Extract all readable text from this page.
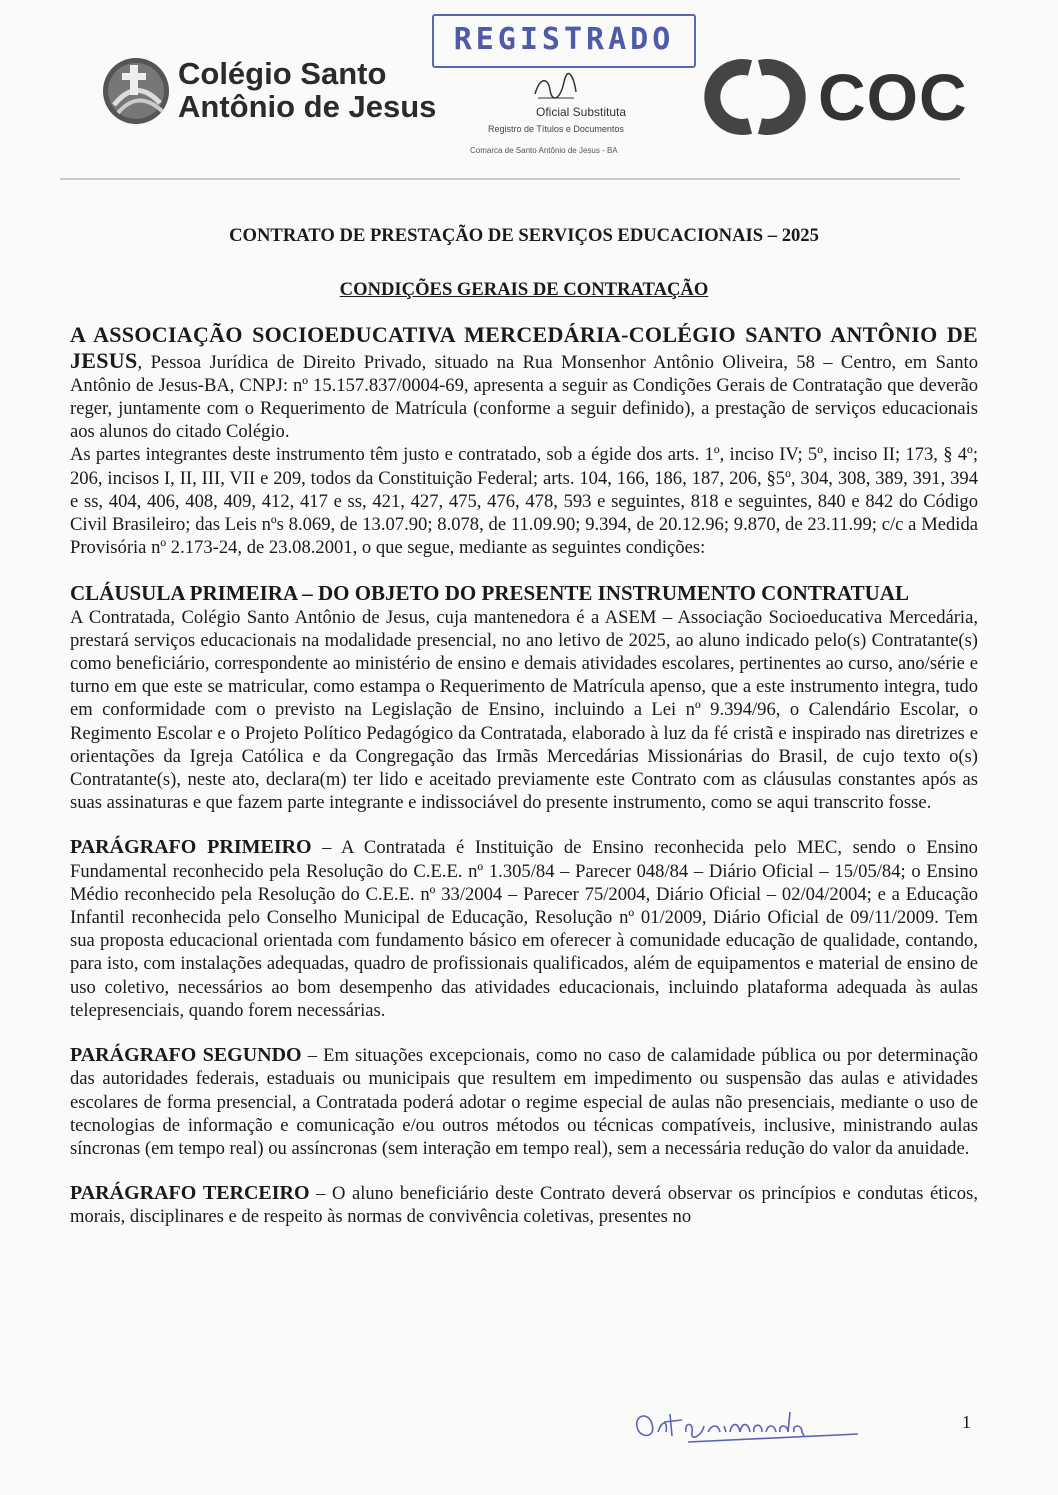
Colégio Santo
Antônio de Jesus
REGISTRADO
Oficial Substituta
Registro de Títulos e Documentos
Comarca de Santo Antônio de Jesus - BA
COC
CONTRATO DE PRESTAÇÃO DE SERVIÇOS EDUCACIONAIS – 2025
CONDIÇÕES GERAIS DE CONTRATAÇÃO

A ASSOCIAÇÃO SOCIOEDUCATIVA MERCEDÁRIA-COLÉGIO SANTO ANTÔNIO DE JESUS, Pessoa Jurídica de Direito Privado, situado na Rua Monsenhor Antônio Oliveira, 58 – Centro, em Santo Antônio de Jesus-BA, CNPJ: nº 15.157.837/0004-69, apresenta a seguir as Condições Gerais de Contratação que deverão reger, juntamente com o Requerimento de Matrícula (conforme a seguir definido), a prestação de serviços educacionais aos alunos do citado Colégio.

As partes integrantes deste instrumento têm justo e contratado, sob a égide dos arts. 1º, inciso IV; 5º, inciso II; 173, § 4º; 206, incisos I, II, III, VII e 209, todos da Constituição Federal; arts. 104, 166, 186, 187, 206, §5º, 304, 308, 389, 391, 394 e ss, 404, 406, 408, 409, 412, 417 e ss, 421, 427, 475, 476, 478, 593 e seguintes, 818 e seguintes, 840 e 842 do Código Civil Brasileiro; das Leis nºs 8.069, de 13.07.90; 8.078, de 11.09.90; 9.394, de 20.12.96; 9.870, de 23.11.99; c/c a Medida Provisória nº 2.173-24, de 23.08.2001, o que segue, mediante as seguintes condições:

CLÁUSULA PRIMEIRA – DO OBJETO DO PRESENTE INSTRUMENTO CONTRATUAL

A Contratada, Colégio Santo Antônio de Jesus, cuja mantenedora é a ASEM – Associação Socioeducativa Mercedária, prestará serviços educacionais na modalidade presencial, no ano letivo de 2025, ao aluno indicado pelo(s) Contratante(s) como beneficiário, correspondente ao ministério de ensino e demais atividades escolares, pertinentes ao curso, ano/série e turno em que este se matricular, como estampa o Requerimento de Matrícula apenso, que a este instrumento integra, tudo em conformidade com o previsto na Legislação de Ensino, incluindo a Lei nº 9.394/96, o Calendário Escolar, o Regimento Escolar e o Projeto Político Pedagógico da Contratada, elaborado à luz da fé cristã e inspirado nas diretrizes e orientações da Igreja Católica e da Congregação das Irmãs Mercedárias Missionárias do Brasil, de cujo texto o(s) Contratante(s), neste ato, declara(m) ter lido e aceitado previamente este Contrato com as cláusulas constantes após as suas assinaturas e que fazem parte integrante e indissociável do presente instrumento, como se aqui transcrito fosse.

PARÁGRAFO PRIMEIRO – A Contratada é Instituição de Ensino reconhecida pelo MEC, sendo o Ensino Fundamental reconhecido pela Resolução do C.E.E. nº 1.305/84 – Parecer 048/84 – Diário Oficial – 15/05/84; o Ensino Médio reconhecido pela Resolução do C.E.E. nº 33/2004 – Parecer 75/2004, Diário Oficial – 02/04/2004; e a Educação Infantil reconhecida pelo Conselho Municipal de Educação, Resolução nº 01/2009, Diário Oficial de 09/11/2009. Tem sua proposta educacional orientada com fundamento básico em oferecer à comunidade educação de qualidade, contando, para isto, com instalações adequadas, quadro de profissionais qualificados, além de equipamentos e material de ensino de uso coletivo, necessários ao bom desempenho das atividades educacionais, incluindo plataforma adequada às aulas telepresenciais, quando forem necessárias.

PARÁGRAFO SEGUNDO – Em situações excepcionais, como no caso de calamidade pública ou por determinação das autoridades federais, estaduais ou municipais que resultem em impedimento ou suspensão das aulas e atividades escolares de forma presencial, a Contratada poderá adotar o regime especial de aulas não presenciais, mediante o uso de tecnologias de informação e comunicação e/ou outros métodos ou técnicas compatíveis, inclusive, ministrando aulas síncronas (em tempo real) ou assíncronas (sem interação em tempo real), sem a necessária redução do valor da anuidade.

PARÁGRAFO TERCEIRO – O aluno beneficiário deste Contrato deverá observar os princípios e condutas éticos, morais, disciplinares e de respeito às normas de convivência coletivas, presentes no

1
